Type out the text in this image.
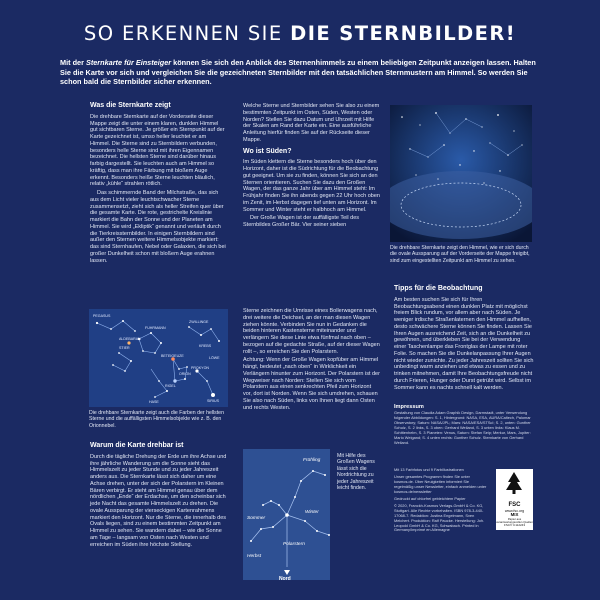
SO ERKENNEN SIE DIE STERNBILDER!

Mit der Sternkarte für Einsteiger können Sie sich den Anblick des Sternenhimmels zu einem beliebigen Zeitpunkt anzeigen lassen. Halten Sie die Karte vor sich und vergleichen Sie die gezeichneten Sternbilder mit den tatsächlichen Sternmustern am Himmel. So werden Sie schon bald die Sternbilder sicher erkennen.

Was die Sternkarte zeigt

Die drehbare Sternkarte auf der Vorderseite dieser Mappe zeigt die unter einem klaren, dunklen Himmel gut sichtbaren Sterne. Je größer ein Sternpunkt auf der Karte gezeichnet ist, umso heller leuchtet er am Himmel. Die Sterne sind zu Sternbildern verbunden, besonders helle Sterne sind mit ihren Eigennamen bezeichnet. Die hellsten Sterne sind darüber hinaus farbig dargestellt. Sie leuchten auch am Himmel so kräftig, dass man ihre Färbung mit bloßem Auge erkennt. Besonders heiße Sterne leuchten bläulich, relativ „kühle“ strahlen rötlich.

Das schimmernde Band der Milchstraße, das sich aus dem Licht vieler leuchtschwacher Sterne zusammensetzt, zieht sich als heller Streifen quer über die gesamte Karte. Die rote, gestrichelte Kreislinie markiert die Bahn der Sonne und der Planeten am Himmel. Sie wird „Ekliptik“ genannt und verläuft durch die Tierkreissternbilder. In einigen Sternbildern sind außer den Sternen weitere Himmelsobjekte markiert: das sind Sternhaufen, Nebel oder Galaxien, die sich bei großer Dunkelheit schon mit bloßem Auge erahnen lassen.

PEGASUS
FUHRMANN
STIER
ZWILLINGE
KREBS
LÖWE
ORION
PROKYON
SIRIUS
HASE
BETEIGEUZE
ALDEBARAN
RIGEL
Die drehbare Sternkarte zeigt auch die Farben der hellsten Sterne und die auffälligsten Himmelsobjekte wie z. B. den Orionnebel.
Warum die Karte drehbar ist

Durch die tägliche Drehung der Erde um ihre Achse und ihre jährliche Wanderung um die Sonne sieht das Himmelszelt zu jeder Stunde und zu jeder Jahreszeit anders aus. Die Sternkarte lässt sich daher um eine Achse drehen, unter der sich der Polarstern im Kleinen Bären verbirgt. Er steht am Himmel genau über dem nördlichen „Ende“ der Erdachse, um den scheinbar sich jede Nacht das gesamte Himmelszelt zu drehen. Die ovale Aussparung der vierseckigen Kartenrahmens markiert den Horizont. Nur die Sterne, die innerhalb des Ovals liegen, sind zu einem bestimmten Zeitpunkt am Himmel zu sehen. Sie wandern dabei – wie die Sonne am Tage – langsam von Osten nach Westen und erreichen im Süden ihre höchste Stellung.

Welche Sterne und Sternbilder sehen Sie also zu einem bestimmten Zeitpunkt im Osten, Süden, Westen oder Norden? Stellen Sie dazu Datum und Uhrzeit mit Hilfe der Skalen am Rand der Karte ein. Eine ausführliche Anleitung hierfür finden Sie auf der Rückseite dieser Mappe.

Wo ist Süden?

Im Süden klettern die Sterne besonders hoch über den Horizont, daher ist die Südrichtung für die Beobachtung gut geeignet. Um sie zu finden, können Sie sich an den Sternen orientieren. Suchen Sie dazu den Großen Wagen, der das ganze Jahr über am Himmel steht: Im Frühjahr finden Sie ihn abends gegen 22 Uhr hoch oben im Zenit, im Herbst dagegen tief unten am Horizont. Im Sommer und Winter steht er halbhoch am Himmel.

Der Große Wagen ist der auffälligste Teil des Sternbildes Großer Bär. Vier seiner sieben

Sterne zeichnen die Umrisse eines Bollerwagens nach, drei weitere die Deichsel, an der man diesen Wagen ziehen könnte. Verbinden Sie nun in Gedanken die beiden hinteren Kastensterne miteinander und verlängern Sie diese Linie etwa fünfmal nach oben – bezogen auf die gedachte Straße, auf der dieser Wagen rollt –, so erreichen Sie den Polarstern.

Achtung: Wenn der Große Wagen kopfüber am Himmel hängt, bedeutet „nach oben“ in Wirklichkeit ein Verlängern hinunter zum Horizont. Der Polarstern ist der Wegweiser nach Norden: Stellen Sie sich vom Polarstern aus einen senkrechten Pfeil zum Horizont vor, dort ist Norden. Wenn Sie sich umdrehen, schauen Sie also nach Süden, links von Ihnen liegt dann Osten und rechts Westen.

Frühling
Sommer
Winter
Herbst
Polarstern
Nord
Mit Hilfe des Großen Wagens lässt sich die Nordrichtung zu jeder Jahreszeit leicht finden.
Die drehbare Sternkarte zeigt den Himmel, wie er sich durch die ovale Aussparung auf der Vorderseite der Mappe freigibt, sind zum eingestellten Zeitpunkt am Himmel zu sehen.
Tipps für die Beobachtung

Am besten suchen Sie sich für Ihren Beobachtungsabend einen dunklen Platz mit möglichst freiem Blick rundum, vor allem aber nach Süden. Je weniger irdische Straßenlaternen den Himmel aufhellen, desto schwächere Sterne können Sie finden. Lassen Sie Ihren Augen ausreichend Zeit, sich an die Dunkelheit zu gewöhnen, und überkleben Sie bei der Verwendung einer Taschenlampe das Frontglas der Lampe mit roter Folie. So machen Sie die Dunkelanpassung Ihrer Augen nicht wieder zunichte. Zu jeder Jahreszeit sollten Sie sich unbedingt warm anziehen und etwas zu essen und zu trinken mitnehmen, damit Ihre Beobachtungsfreude nicht durch Frieren, Hunger oder Durst getrübt wird. Selbst im Sommer kann es nachts schnell kalt werden.

Impressum

Gestaltung von Claudia Adam Graphik Design, Darmstadt, unter Verwendung folgender Abbildungen: S. 1, Hintergrund: NASA, ESA, AURA/Caltech, Palomar Observatory; Saturn: NASA/JPL; Mars: NASA/ESA/STScI; S. 2, unten: Gunther Schulz, S. 2 links, S. 3 oben: Gerhard Weiland, S. 3 unten links: Klaus M. Schittenhelm, S. 3 Planeten: Venus, Saturn: Stefan Seip; Merkur, Mars, Jupiter: Mario Weigand; S. 4 unten rechts: Gunther Schulz. Sternkarte von Gerhard Weiland.

Mit 13 Farbfotos und 9 Farbillustrationen

Unser gesamtes Programm finden Sie unter kosmos.de. Über Neuigkeiten informiert Sie regelmäßig unser Newsletter, einfach anmelden unter kosmos.de/newsletter

Gedruckt auf chlorfrei gebleichtem Papier

© 2020, Franckh-Kosmos Verlags-GmbH & Co. KG, Stuttgart. Alle Rechte vorbehalten. ISBN 978-3-440-17068-7. Redaktion: Justina Engelmann, Sven Melchert. Produktion: Ralf Paucke. Herstellung: Joh. Leopold GmbH & Co. KG, Schwabach. Printed in Germany/Imprimé en Allemagne

FSC
www.fsc.org
MIX
Papier aus verantwortungsvollen Quellen
FSC® C112243
